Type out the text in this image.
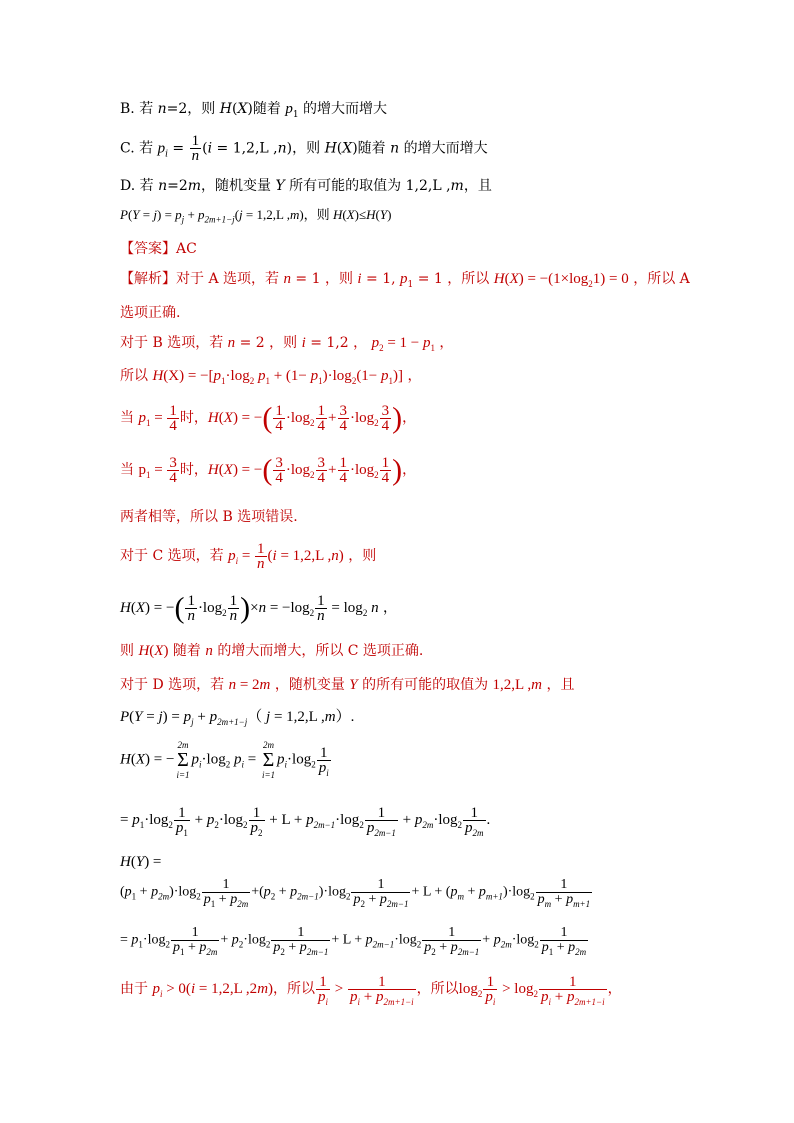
B. 若 n=2，则 H(X)随着 $p_1$ 的增大而增大
C. 若 $p_i = \frac{1}{n} (i = 1,2,L$ ,n)，则 H(X)随着 n 的增大而增大
D. 若 n=2m，随机变量 Y 所有可能的取值为 1,2,L ,m，且
$P(Y = j) = p_j + p_{2m+1-j}(j = 1,2,L$ ,m)，则 H(X)≤H(Y)
【答案】AC
【解析】对于 A 选项，若 n = 1 ，则 i = 1, $p_1 = 1$ ，所以 $H(X) = -(1\times\log_21) = 0$ ，所以 A
选项正确.
对于 B 选项，若 n = 2 ，则 i = 1,2 ， $p_2 = 1 - p_1$ ，
所以 $H(X) = -[p_1\cdot\log_2$ $p_1 + (1- p_1)\cdot\log_2(1- p_1)$] ，
当 $p_1 = \frac{1}{4}$ 时，H(X) = −( $\frac{1}{4} \cdot\log_2 \frac{1}{4} + \frac{3}{4} \cdot\log_2 \frac{3}{4}$ )，
当 $p_1 = \frac{3}{4}$ 时，H(X) = −( $\frac{3}{4} \cdot\log_2 \frac{3}{4} + \frac{1}{4} \cdot\log_2 \frac{1}{4}$ )，
两者相等，所以 B 选项错误.
对于 C 选项，若 $p_i = \frac{1}{n} (i = 1,2,L$ ,n) ，则
H(X) = −( $\frac{1}{n} \cdot\log_2 \frac{1}{n} )\times n = -\log_2 \frac{1}{n} = \log_2 n$ ，
则 H(X) 随着 n 的增大而增大，所以 C 选项正确.
对于 D 选项，若 n = 2m ，随机变量 Y 的所有可能的取值为 1,2,L ,m ，且
$P(Y = j) = p_j + p_{2m+1-j}$（ j = 1,2,L ,m）.
H(X) = −
2m
Σ
i=1
$p_i\cdot\log_2$ $p_i$ =
2m
Σ
i=1
$p_i\cdot\log_2 \frac{1}{p_i}$
= $p_1\cdot\log_2 \frac{1}{p_1} + p_2\cdot\log_2 \frac{1}{p_2} + L + p_{2m-1}\cdot\log_2 \frac{1}{p_{2m-1}} + p_{2m}\cdot\log_2 \frac{1}{p_{2m}}$ .
H(Y) =
$(p_1 + p_{2m})\cdot\log_2 \frac{1}{p_1 + p_{2m}} +(p_2 + p_{2m-1})\cdot\log_2 \frac{1}{p_2 + p_{2m-1}} + L + (p_m + p_{m+1})\cdot\log_2 \frac{1}{p_m + p_{m+1}}$
= $p_1\cdot\log_2 \frac{1}{p_1 + p_{2m}} + p_2\cdot\log_2 \frac{1}{p_2 + p_{2m-1}} + L + p_{2m-1}\cdot\log_2 \frac{1}{p_2 + p_{2m-1}} + p_{2m}\cdot\log_2 \frac{1}{p_1 + p_{2m}}$
由于 $p_i > 0(i = 1,2,L$ ,2m)，所以 $\frac{1}{p_i} > \frac{1}{p_i + p_{2m+1-i}}$ ，所以$\log_2 \frac{1}{p_i} > \log_2 \frac{1}{p_i + p_{2m+1-i}}$ ，
